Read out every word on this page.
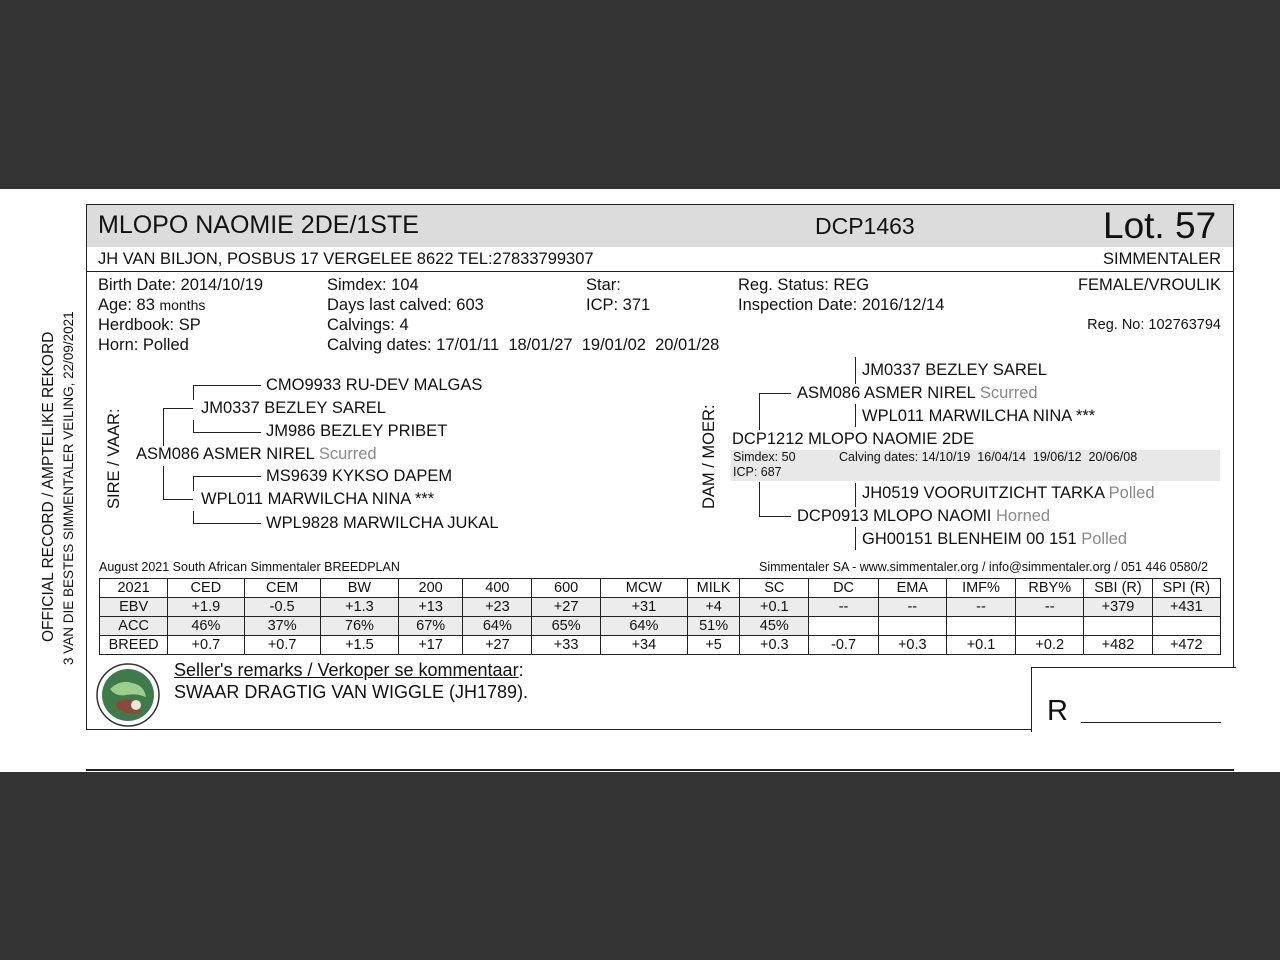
OFFICIAL RECORD / AMPTELIKE REKORD 3 VAN DIE BESTES SIMMENTALER VEILING, 22/09/2021
MLOPO NAOMIE 2DE/1STE	DCP1463	Lot. 57
JH VAN BILJON, POSBUS 17 VERGELEE 8622 TEL:27833799307	SIMMENTALER
Birth Date: 2014/10/19
Age: 83 months
Herdbook: SP
Horn: Polled
Simdex: 104
Days last calved: 603
Calvings: 4
Calving dates: 17/01/11  18/01/27  19/01/02  20/01/28
Star:
ICP: 371
Reg. Status: REG
Inspection Date: 2016/12/14
FEMALE/VROULIK
Reg. No: 102763794
SIRE / VAAR:
CMO9933 RU-DEV MALGAS
JM0337 BEZLEY SAREL
JM986 BEZLEY PRIBET
ASM086 ASMER NIREL Scurred
MS9639 KYKSO DAPEM
WPL011 MARWILCHA NINA ***
WPL9828 MARWILCHA JUKAL
DAM / MOER:
JM0337 BEZLEY SAREL
ASM086 ASMER NIREL Scurred
WPL011 MARWILCHA NINA ***
DCP1212 MLOPO NAOMIE 2DE
Simdex: 50	Calving dates: 14/10/19  16/04/14  19/06/12  20/06/08
ICP: 687
JH0519 VOORUITZICHT TARKA Polled
DCP0913 MLOPO NAOMI Horned
GH00151 BLENHEIM 00 151 Polled
August 2021 South African Simmentaler BREEDPLAN	Simmentaler SA - www.simmentaler.org / info@simmentaler.org / 051 446 0580/2
2021	CED	CEM	BW	200	400	600	MCW	MILK	SC	DC	EMA	IMF%	RBY%	SBI (R)	SPI (R)
EBV	+1.9	-0.5	+1.3	+13	+23	+27	+31	+4	+0.1	--	--	--	--	+379	+431
ACC	46%	37%	76%	67%	64%	65%	64%	51%	45%						
BREED	+0.7	+0.7	+1.5	+17	+27	+33	+34	+5	+0.3	-0.7	+0.3	+0.1	+0.2	+482	+472
Seller's remarks / Verkoper se kommentaar:
SWAAR DRAGTIG VAN WIGGLE (JH1789).
R
